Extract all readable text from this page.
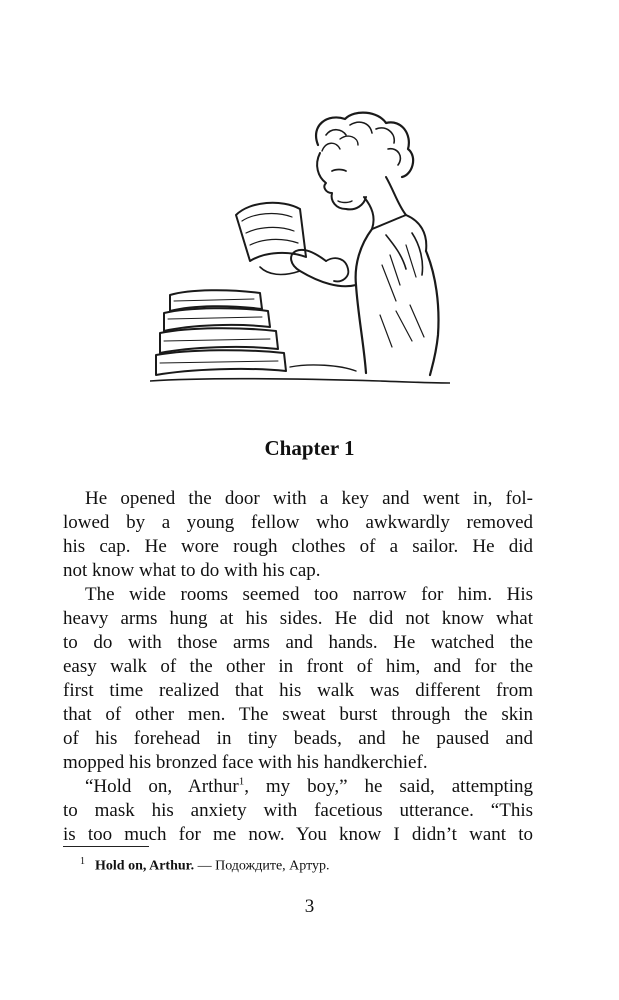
Chapter 1
He opened the door with a key and went in, fol-
lowed by a young fellow who awkwardly removed
his cap. He wore rough clothes of a sailor. He did
not know what to do with his cap.
The wide rooms seemed too narrow for him. His
heavy arms hung at his sides. He did not know what
to do with those arms and hands. He watched the
easy walk of the other in front of him, and for the
first time realized that his walk was different from
that of other men. The sweat burst through the skin
of his forehead in tiny beads, and he paused and
mopped his bronzed face with his handkerchief.
“Hold on, Arthur$^1$, my boy,” he said, attempting
to mask his anxiety with facetious utterance. “This
is too much for me now. You know I didn’t want to
$^1$ Hold on, Arthur. — Подождите, Артур.
3
